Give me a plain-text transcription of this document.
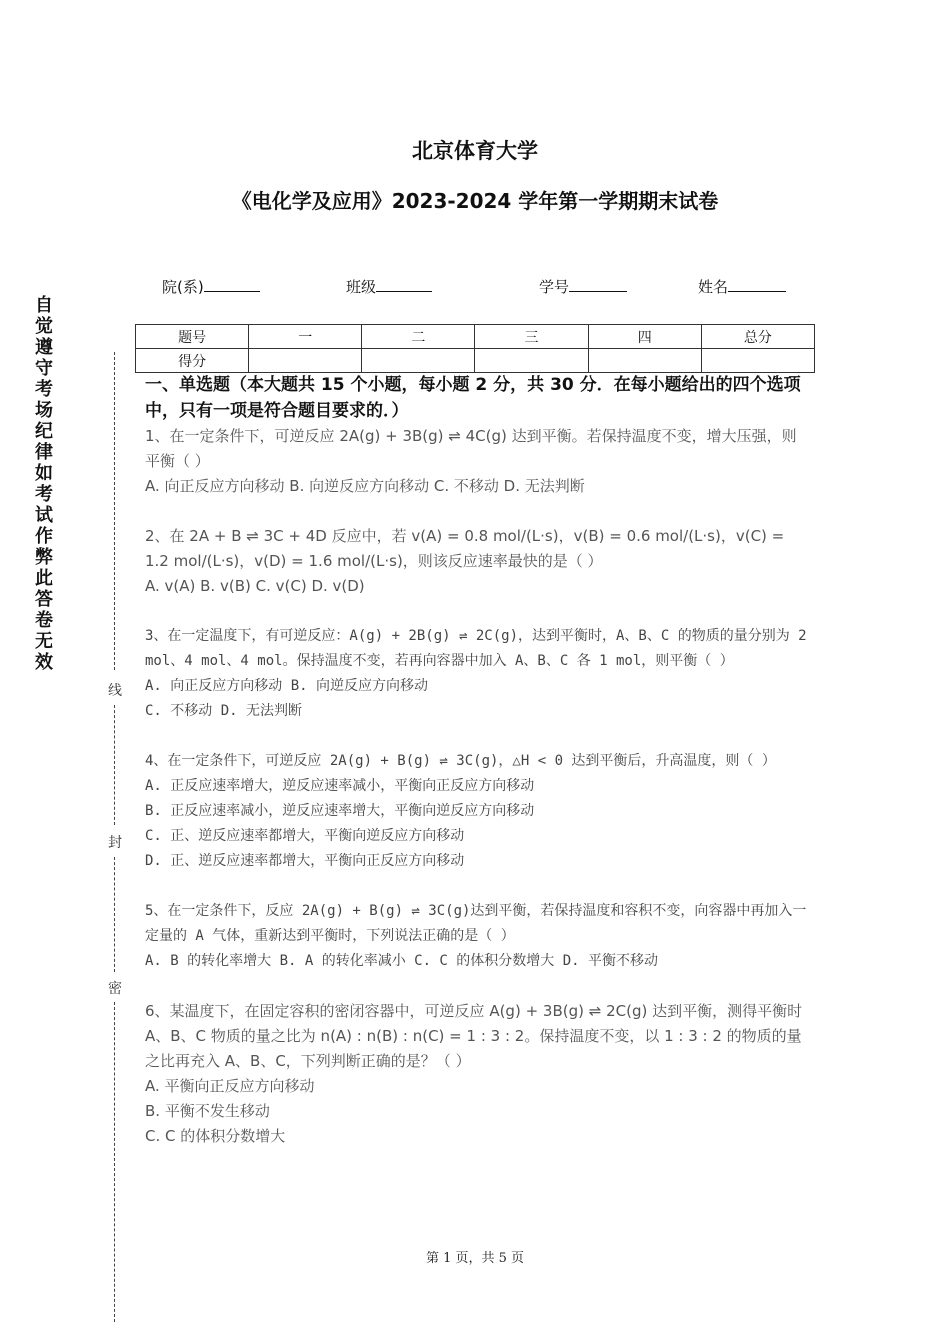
北京体育大学
《电化学及应用》2023-2024 学年第一学期期末试卷
院(系)	班级	学号	姓名
题号	一	二	三	四	总分
得分					
自觉遵守考场纪律如考试作弊此答卷无效
线
封
密
一、单选题（本大题共 15 个小题，每小题 2 分，共 30 分．在每小题给出的四个选项中，只有一项是符合题目要求的．）

1、在一定条件下，可逆反应 2A(g) + 3B(g) ⇌ 4C(g) 达到平衡。若保持温度不变，增大压强，则平衡（ ）

A. 向正反应方向移动 B. 向逆反应方向移动 C. 不移动 D. 无法判断

2、在 2A + B ⇌ 3C + 4D 反应中，若 v(A) = 0.8 mol/(L·s)，v(B) = 0.6 mol/(L·s)，v(C) = 1.2 mol/(L·s)，v(D) = 1.6 mol/(L·s)，则该反应速率最快的是（ ）

A. v(A) B. v(B) C. v(C) D. v(D)

3、在一定温度下，有可逆反应：A(g) + 2B(g) ⇌ 2C(g)，达到平衡时，A、B、C 的物质的量分别为 2 mol、4 mol、4 mol。保持温度不变，若再向容器中加入 A、B、C 各 1 mol，则平衡（ ）

A. 向正反应方向移动 B. 向逆反应方向移动

C. 不移动 D. 无法判断

4、在一定条件下，可逆反应 2A(g) + B(g) ⇌ 3C(g)，△H < 0 达到平衡后，升高温度，则（ ）

A. 正反应速率增大，逆反应速率减小，平衡向正反应方向移动

B. 正反应速率减小，逆反应速率增大，平衡向逆反应方向移动

C. 正、逆反应速率都增大，平衡向逆反应方向移动

D. 正、逆反应速率都增大，平衡向正反应方向移动

5、在一定条件下，反应 2A(g) + B(g) ⇌ 3C(g)达到平衡，若保持温度和容积不变，向容器中再加入一定量的 A 气体，重新达到平衡时，下列说法正确的是（ ）

A. B 的转化率增大 B. A 的转化率减小 C. C 的体积分数增大 D. 平衡不移动

6、某温度下，在固定容积的密闭容器中，可逆反应 A(g) + 3B(g) ⇌ 2C(g) 达到平衡，测得平衡时 A、B、C 物质的量之比为 n(A) : n(B) : n(C) = 1 : 3 : 2。保持温度不变，以 1 : 3 : 2 的物质的量之比再充入 A、B、C，下列判断正确的是？（ ）

A. 平衡向正反应方向移动

B. 平衡不发生移动

C. C 的体积分数增大

第 1 页，共 5 页
